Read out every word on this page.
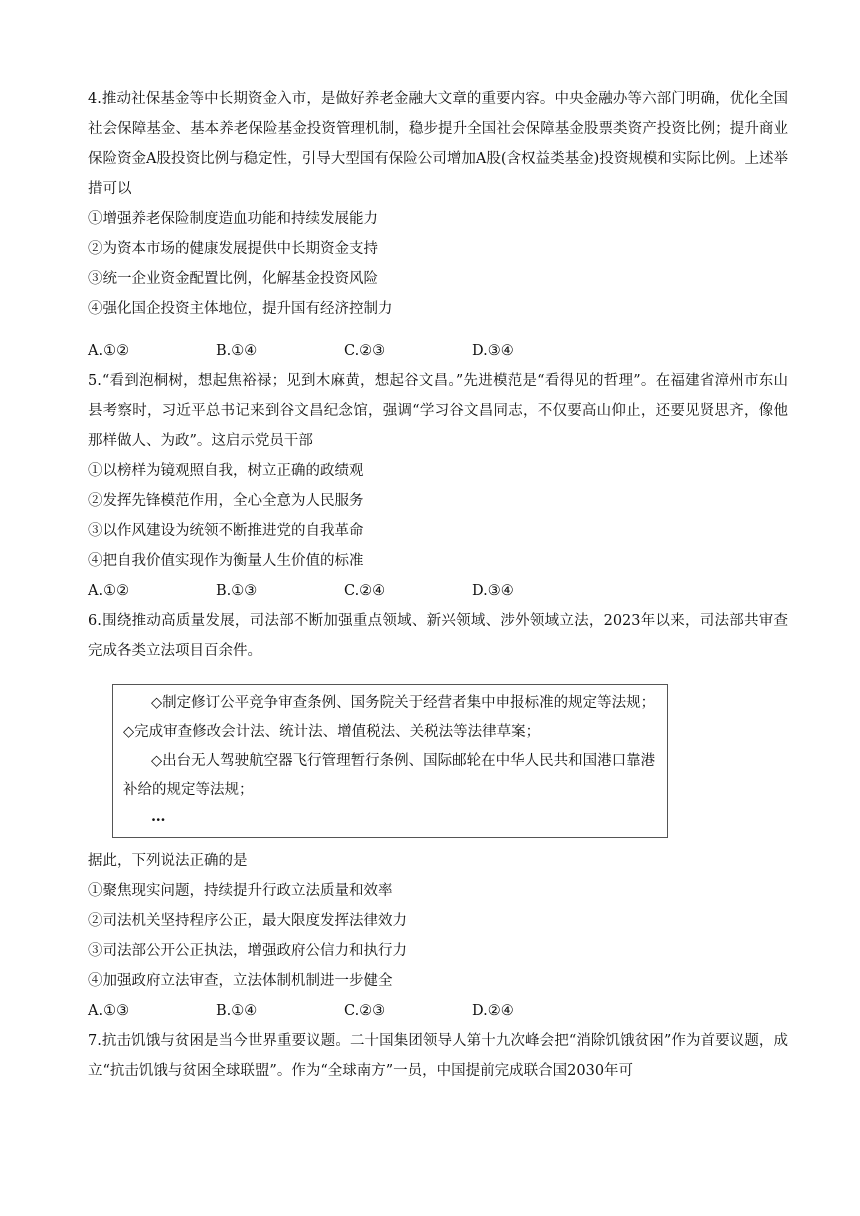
4.推动社保基金等中长期资金入市，是做好养老金融大文章的重要内容。中央金融办等六部门明确，优化全国社会保障基金、基本养老保险基金投资管理机制，稳步提升全国社会保障基金股票类资产投资比例；提升商业保险资金A股投资比例与稳定性，引导大型国有保险公司增加A股(含权益类基金)投资规模和实际比例。上述举措可以

①增强养老保险制度造血功能和持续发展能力

②为资本市场的健康发展提供中长期资金支持

③统一企业资金配置比例，化解基金投资风险

④强化国企投资主体地位，提升国有经济控制力

A.①②	B.①④	C.②③	D.③④

5.“看到泡桐树，想起焦裕禄；见到木麻黄，想起谷文昌。”先进模范是“看得见的哲理”。在福建省漳州市东山县考察时，习近平总书记来到谷文昌纪念馆，强调“学习谷文昌同志，不仅要高山仰止，还要见贤思齐，像他那样做人、为政”。这启示党员干部

①以榜样为镜观照自我，树立正确的政绩观

②发挥先锋模范作用，全心全意为人民服务

③以作风建设为统领不断推进党的自我革命

④把自我价值实现作为衡量人生价值的标准

A.①②	B.①③	C.②④	D.③④

6.围绕推动高质量发展，司法部不断加强重点领域、新兴领域、涉外领域立法，2023年以来，司法部共审查完成各类立法项目百余件。

◇制定修订公平竞争审查条例、国务院关于经营者集中申报标准的规定等法规；◇完成审查修改会计法、统计法、增值税法、关税法等法律草案；

◇出台无人驾驶航空器飞行管理暂行条例、国际邮轮在中华人民共和国港口靠港补给的规定等法规；

…

据此，下列说法正确的是

①聚焦现实问题，持续提升行政立法质量和效率

②司法机关坚持程序公正，最大限度发挥法律效力

③司法部公开公正执法，增强政府公信力和执行力

④加强政府立法审查，立法体制机制进一步健全

A.①③	B.①④	C.②③	D.②④

7.抗击饥饿与贫困是当今世界重要议题。二十国集团领导人第十九次峰会把“消除饥饿贫困”作为首要议题，成立“抗击饥饿与贫困全球联盟”。作为“全球南方”一员，中国提前完成联合国2030年可
